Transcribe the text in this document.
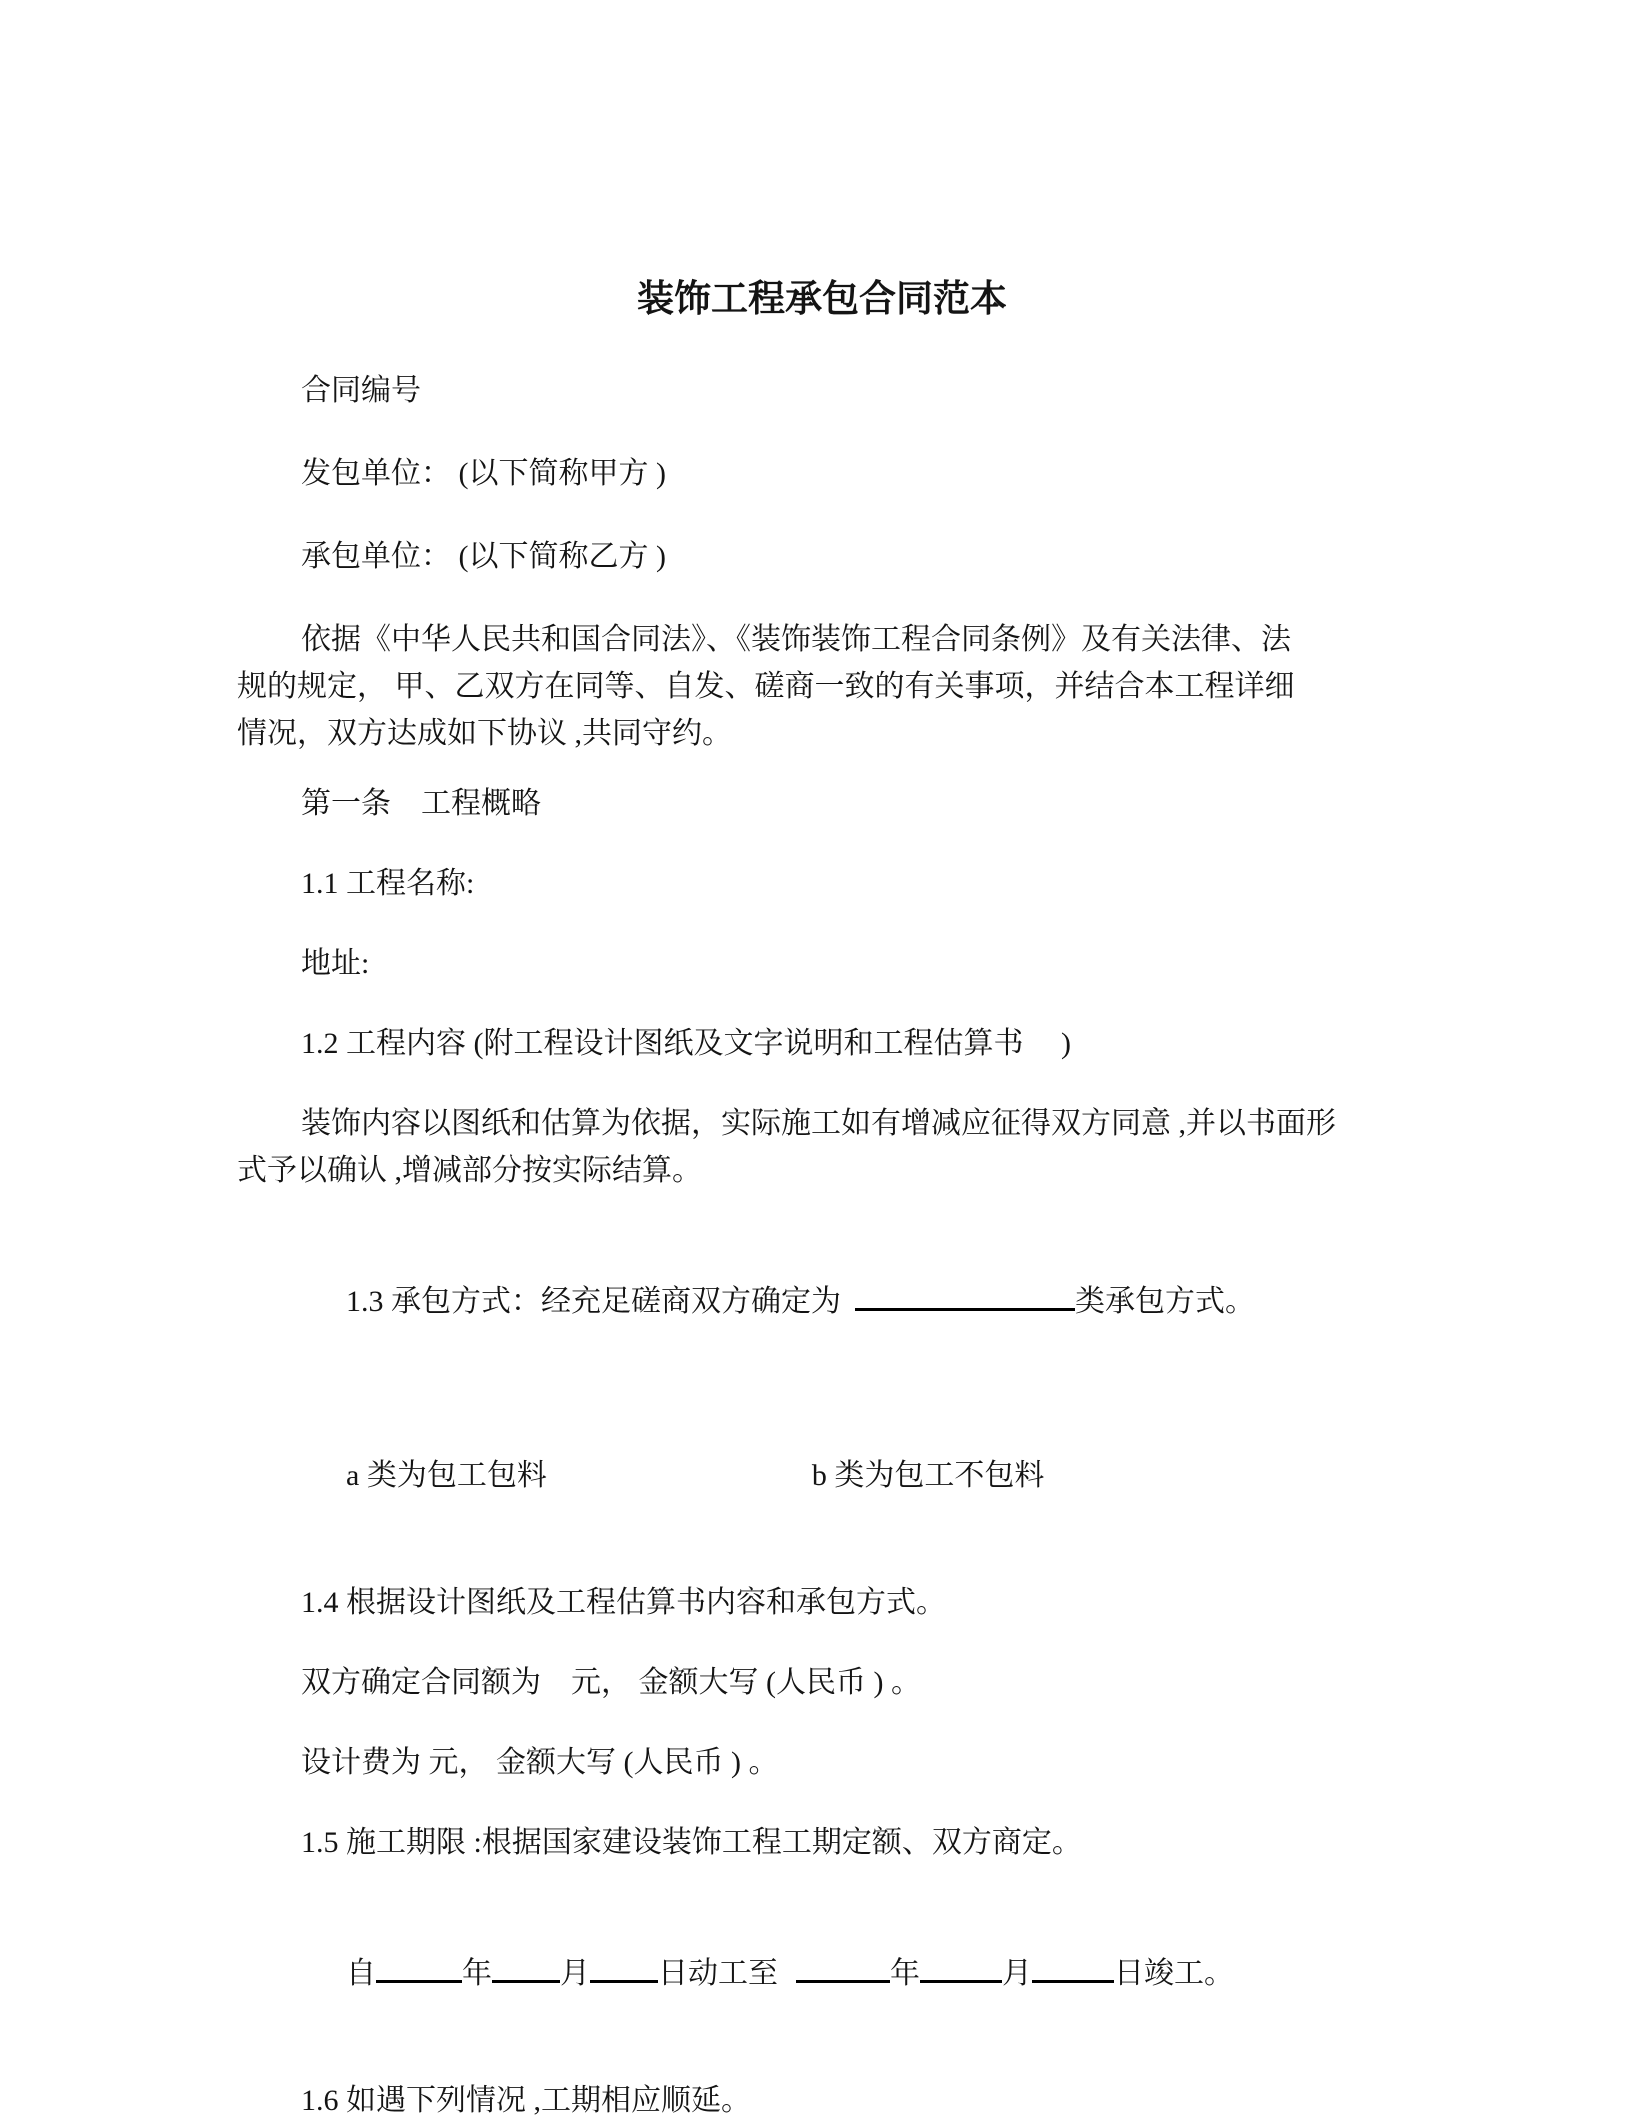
装饰工程承包合同范本
合同编号
发包单位： (以下简称甲方 )
承包单位： (以下简称乙方 )
依据《中华人民共和国合同法》、《装饰装饰工程合同条例》及有关法律、法
规的规定， 甲、乙双方在同等、自发、磋商一致的有关事项，并结合本工程详细
情况，双方达成如下协议 ,共同守约。
第一条　工程概略
1.1 工程名称:
地址:
1.2 工程内容 (附工程设计图纸及文字说明和工程估算书　 )
装饰内容以图纸和估算为依据，实际施工如有增减应征得双方同意 ,并以书面形
式予以确认 ,增减部分按实际结算。

1.3 承包方式：经充足磋商双方确定为	类承包方式。

a 类为包工包料	b 类为包工不包料

1.4 根据设计图纸及工程估算书内容和承包方式。
双方确定合同额为　元， 金额大写 (人民币 ) 。
设计费为 元， 金额大写 (人民币 ) 。
1.5 施工期限 :根据国家建设装饰工程工期定额、双方商定。

自	年 月 日动工至	年	月	日竣工。

1.6 如遇下列情况 ,工期相应顺延。
